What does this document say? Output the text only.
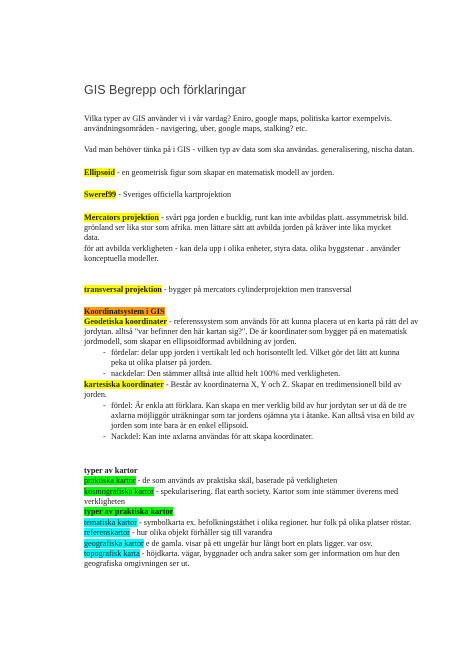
GIS Begrepp och förklaringar
Vilka typer av GIS använder vi i vår vardag? Eniro, google maps, politiska kartor exempelvis.
användningsområden - navigering, uber, google maps, stalking? etc.
Vad man behöver tänka på i GIS - vilken typ av data som ska användas. generalisering, nischa datan.
Ellipsoid - en geometrisk figur som skapar en matematisk modell av jorden.
Sweref99 - Sveriges officiella kartprojektion
Mercators projektion - svårt pga jorden e bucklig, runt kan inte avbildas platt. assymmetrisk bild.
grönland ser lika stor som afrika. men lättare sätt att avbilda jorden på kräver inte lika mycket
data.
för att avbilda verkligheten - kan dela upp i olika enheter, styra data. olika byggstenar . använder
konceptuella modeller.
transversal projektion - bygger på mercators cylinderprojektion men transversal
Koordinatsystem i GIS
Geodetiska koordinater - referenssystem som används för att kunna placera ut en karta på rätt del av
jordytan. alltså "var befinner den här kartan sig?". De är koordinater som bygger på en matematisk
jordmodell, som skapar en ellipsoidformad avbildning av jorden.
- fördelar: delar upp jorden i vertikalt led och horisontellt led. Vilket gör det lätt att kunna
peka ut olika platser på jorden.
- nackdelar: Den stämmer alltså inte alltid helt 100% med verkligheten.
kartesiska koordinater - Består av koordinaterna X, Y och Z. Skapar en tredimensionell bild av
jorden.
- fördel: Är enkla att förklara. Kan skapa en mer verklig bild av hur jordytan ser ut då de tre
axlarna möjliggör uträkningar som tar jordens ojämna yta i åtanke. Kan alltså visa en bild av
jorden som inte bara är en enkel ellipsoid.
- Nackdel: Kan inte axlarna användas för att skapa koordinater.
typer av kartor
praktiska kartor - de som används av praktiska skäl, baserade på verkligheten
kosmografiska kartor - spekularisering. flat earth society. Kartor som inte stämmer överens med
verkligheten
typer av praktiska kartor
tematiska kartor - symbolkarta ex. befolkningstäthet i olika regioner. hur folk på olika platser röstar.
referenskartor - hur olika objekt förhåller sig till varandra
geografiska kartor e de gamla. visar på ett ungefär hur långt bort en plats ligger. var osv.
topografisk karta - höjdkarta. vägar, byggnader och andra saker som ger information om hur den
geografiska omgivningen ser ut.
